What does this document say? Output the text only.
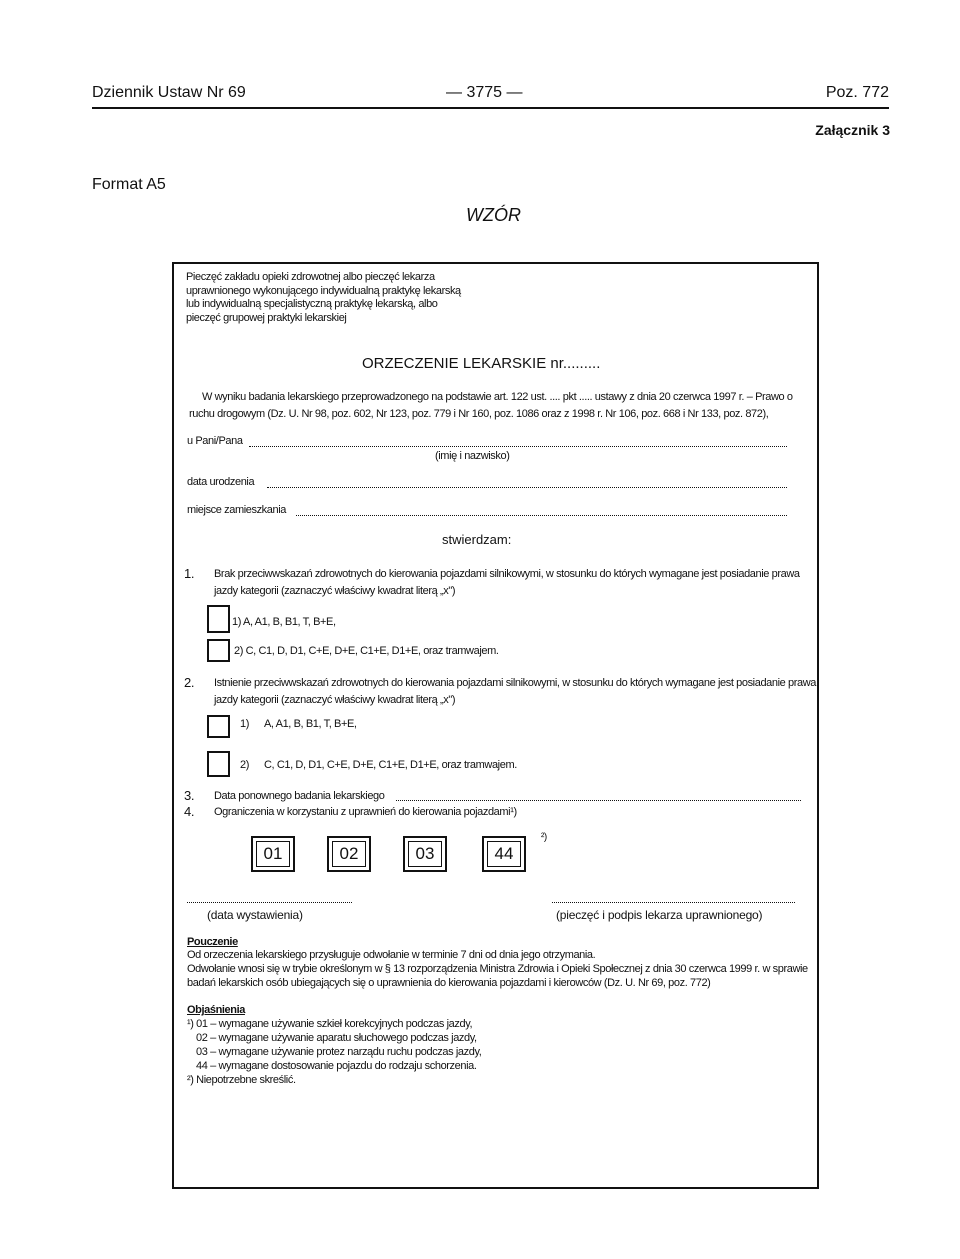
Dziennik Ustaw Nr 69	— 3775 —	Poz. 772
Załącznik 3
Format A5
WZÓR
Pieczęć zakładu opieki zdrowotnej albo pieczęć lekarza uprawnionego wykonującego indywidualną praktykę lekarską lub indywidualną specjalistyczną praktykę lekarską, albo pieczęć grupowej praktyki lekarskiej
ORZECZENIE LEKARSKIE nr.........
W wyniku badania lekarskiego przeprowadzonego na podstawie art. 122 ust. .... pkt ..... ustawy z dnia 20 czerwca 1997 r. – Prawo o
ruchu drogowym (Dz. U. Nr 98, poz. 602, Nr 123, poz. 779 i Nr 160, poz. 1086 oraz z 1998 r. Nr 106, poz. 668 i Nr 133, poz. 872),
u Pani/Pana
(imię i nazwisko)
data urodzenia
miejsce zamieszkania
stwierdzam:
1. Brak przeciwwskazań zdrowotnych do kierowania pojazdami silnikowymi, w stosunku do których wymagane jest posiadanie prawa
jazdy kategorii (zaznaczyć właściwy kwadrat literą „x")
1) A, A1, B, B1, T, B+E,
2) C, C1, D, D1, C+E, D+E, C1+E, D1+E, oraz tramwajem.
2. Istnienie przeciwwskazań zdrowotnych do kierowania pojazdami silnikowymi, w stosunku do których wymagane jest posiadanie prawa
jazdy kategorii (zaznaczyć właściwy kwadrat literą „x")
1) A, A1, B, B1, T, B+E,
2) C, C1, D, D1, C+E, D+E, C1+E, D1+E, oraz tramwajem.
3. Data ponownego badania lekarskiego
4. Ograniczenia w korzystaniu z uprawnień do kierowania pojazdami¹)
01	02	03	44
²)
(data wystawienia)	(pieczęć i podpis lekarza uprawnionego)
Pouczenie
Od orzeczenia lekarskiego przysługuje odwołanie w terminie 7 dni od dnia jego otrzymania.
Odwołanie wnosi się w trybie określonym w § 13 rozporządzenia Ministra Zdrowia i Opieki Społecznej z dnia 30 czerwca 1999 r. w sprawie
badań lekarskich osób ubiegających się o uprawnienia do kierowania pojazdami i kierowców (Dz. U. Nr 69, poz. 772)
Objaśnienia
¹) 01 – wymagane używanie szkieł korekcyjnych podczas jazdy,
02 – wymagane używanie aparatu słuchowego podczas jazdy,
03 – wymagane używanie protez narządu ruchu podczas jazdy,
44 – wymagane dostosowanie pojazdu do rodzaju schorzenia.
²) Niepotrzebne skreślić.
